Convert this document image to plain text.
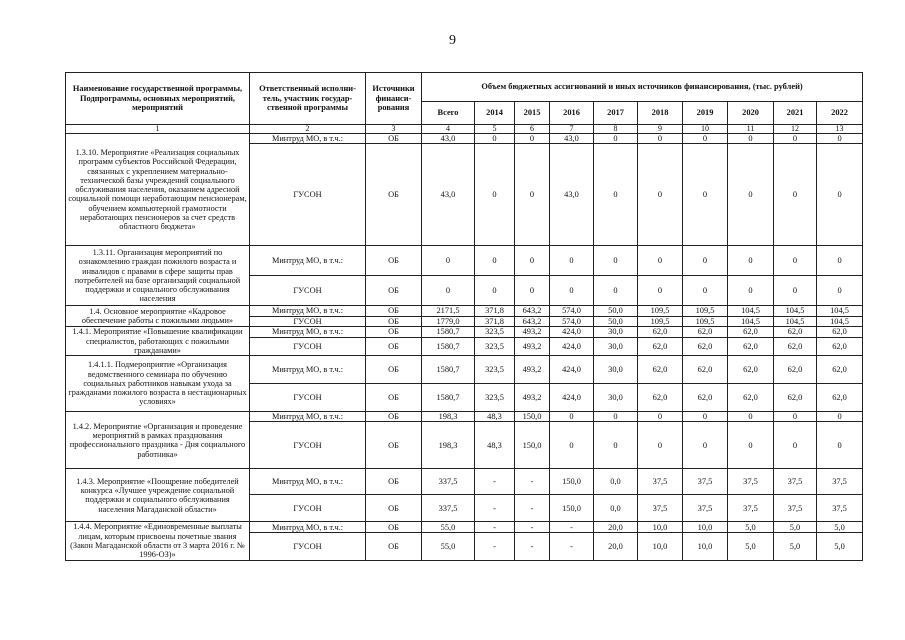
9
Наименование государственной программы, Подпрограммы, основных мероприятий, мероприятий	Ответственный исполни-тель, участник государ-ственной программы	Источники финанси-рования	Объем бюджетных ассигнований и иных источников финансирования, (тыс. рублей)									
			Всего	2014	2015	2016	2017	2018	2019	2020	2021	2022
1	2	3	4	5	6	7	8	9	10	11	12	13
1.3.10. Мероприятие «Реализация социальных программ субъектов Российской Федерации, связанных с укреплением материально-технической базы учреждений социального обслуживания населения, оказанием адресной социальной помощи неработающим пенсионерам, обучением компьютерной грамотности неработающих пенсионеров за счет средств областного бюджета»	Минтруд МО, в т.ч.:	ОБ	43,0	0	0	43,0	0	0	0	0	0	0
	ГУСОН	ОБ	43,0	0	0	43,0	0	0	0	0	0	0
1.3.11. Организация мероприятий по ознакомлению граждан пожилого возраста и инвалидов с правами в сфере защиты прав потребителей на базе организаций социальной поддержки и социального обслуживания населения	Минтруд МО, в т.ч.:	ОБ	0	0	0	0	0	0	0	0	0	0
	ГУСОН	ОБ	0	0	0	0	0	0	0	0	0	0
1.4. Основное мероприятие «Кадровое обеспечение работы с пожилыми людьми»	Минтруд МО, в т.ч.:	ОБ	2171,5	371,8	643,2	574,0	50,0	109,5	109,5	104,5	104,5	104,5
	ГУСОН	ОБ	1779,0	371,8	643,2	574,0	50,0	109,5	109,5	104,5	104,5	104,5
1.4.1. Мероприятие «Повышение квалификации специалистов, работающих с пожилыми гражданами»	Минтруд МО, в т.ч.:	ОБ	1580,7	323,5	493,2	424,0	30,0	62,0	62,0	62,0	62,0	62,0
	ГУСОН	ОБ	1580,7	323,5	493,2	424,0	30,0	62,0	62,0	62,0	62,0	62,0
1.4.1.1. Подмероприятие «Организация ведомственного семинара по обучению социальных работников навыкам ухода за гражданами пожилого возраста в нестационарных условиях»	Минтруд МО, в т.ч.:	ОБ	1580,7	323,5	493,2	424,0	30,0	62,0	62,0	62,0	62,0	62,0
	ГУСОН	ОБ	1580,7	323,5	493,2	424,0	30,0	62,0	62,0	62,0	62,0	62,0
1.4.2. Мероприятие «Организация и проведение мероприятий в рамках празднования профессионального праздника - Дня социального работника»	Минтруд МО, в т.ч.:	ОБ	198,3	48,3	150,0	0	0	0	0	0	0	0
	ГУСОН	ОБ	198,3	48,3	150,0	0	0	0	0	0	0	0
1.4.3. Мероприятие «Поощрение победителей конкурса «Лучшее учреждение социальной поддержки и социального обслуживания населения Магаданской области»	Минтруд МО, в т.ч.:	ОБ	337,5	-	-	150,0	0,0	37,5	37,5	37,5	37,5	37,5
	ГУСОН	ОБ	337,5	-	-	150,0	0,0	37,5	37,5	37,5	37,5	37,5
1.4.4. Мероприятие «Единовременные выплаты лицам, которым присвоены почетные звания (Закон Магаданской области от 3 марта 2016 г. № 1996-ОЗ)»	Минтруд МО, в т.ч.:	ОБ	55,0	-	-	-	20,0	10,0	10,0	5,0	5,0	5,0
	ГУСОН	ОБ	55,0	-	-	-	20,0	10,0	10,0	5,0	5,0	5,0
